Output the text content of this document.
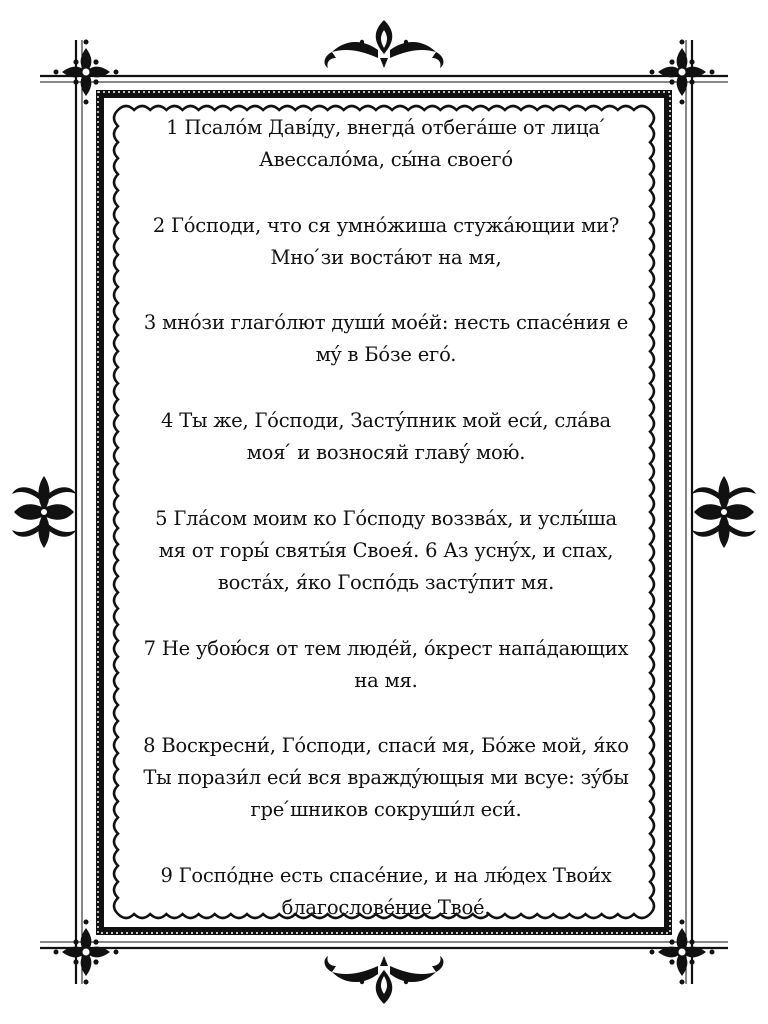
1 Псалóм Давíду, внегдá отбегáше от лица ́ Авессалóма, сы́на своегó
2 Гóсподи, что ся умнóжиша стужáющии ми? Мно ́зи востáют на мя,
3 мнóзи глагóлют души́ моéй: несть спасéния е мý в Бóзе егó.
4 Ты же, Гóсподи, Застýпник мой еси́, слáва моя ́ и возносяй главý мою́.
5 Глáсом моим ко Гóсподу воззвáх, и услы́ша мя от горы́ святы́я Своея́. 6 Аз уснýх, и спах, востáх, я́ко Госпóдь застýпит мя.
7 Не убою́ся от тем людéй, óкрест напáдающих на мя.
8 Воскресни́, Гóсподи, спаси́ мя, Бóже мой, я́ко Ты порази́л еси́ вся враждýющыя ми всуе: зýбы гре ́шников сокруши́л еси́.
9 Госпóдне есть спасéние, и на лю́дех Твои́х благословéние Твоé.
